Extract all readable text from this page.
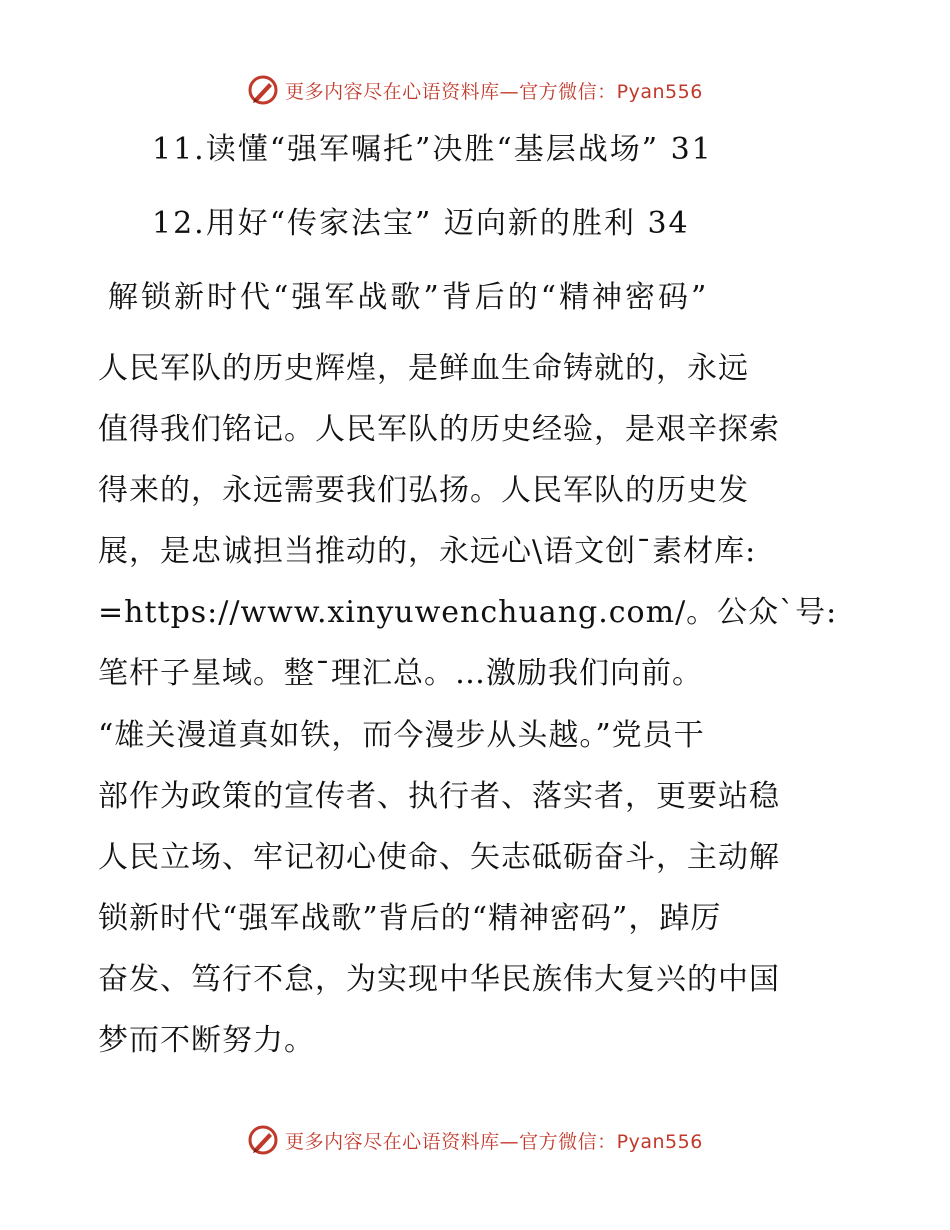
更多内容尽在心语资料库—官方微信：Pyan556
11.读懂“强军嘱托”决胜“基层战场” 31
12.用好“传家法宝” 迈向新的胜利 34
解锁新时代“强军战歌”背后的“精神密码”
人民军队的历史辉煌，是鲜血生命铸就的，永远
值得我们铭记。人民军队的历史经验，是艰辛探索
得来的，永远需要我们弘扬。人民军队的历史发
展，是忠诚担当推动的，永远心\语文创¯素材库:
=https://www.xinyuwenchuang.com/。公众`号:
笔杆子星域。整¯理汇总。…激励我们向前。
“雄关漫道真如铁，而今漫步从头越。”党员干
部作为政策的宣传者、执行者、落实者，更要站稳
人民立场、牢记初心使命、矢志砥砺奋斗，主动解
锁新时代“强军战歌”背后的“精神密码”，踔厉
奋发、笃行不怠，为实现中华民族伟大复兴的中国
梦而不断努力。
更多内容尽在心语资料库—官方微信：Pyan556
